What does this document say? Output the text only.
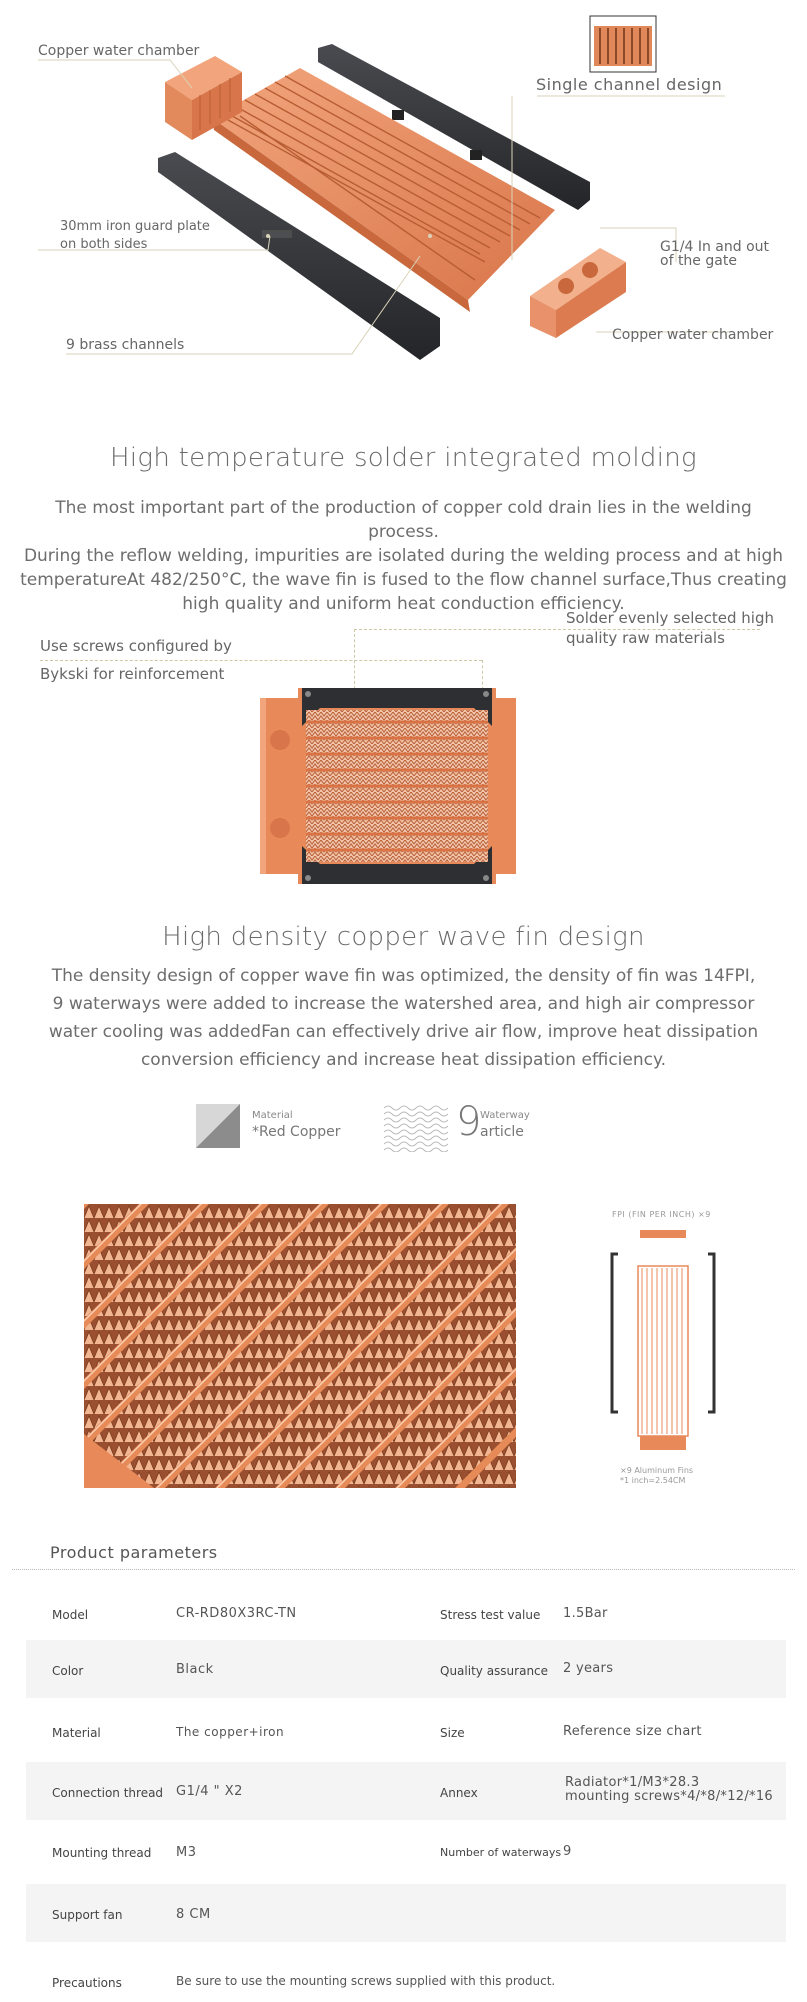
Copper water chamber
Single channel design
30mm iron guard plate
on both sides
9 brass channels
G1/4 In and out
of the gate
Copper water chamber
High temperature solder integrated molding
The most important part of the production of copper cold drain lies in the welding process.
During the reflow welding, impurities are isolated during the welding process and at high
temperatureAt 482/250°C, the wave fin is fused to the flow channel surface,Thus creating
high quality and uniform heat conduction efficiency.
Use screws configured by
Bykski for reinforcement
Solder evenly selected high
quality raw materials
High density copper wave fin design
The density design of copper wave fin was optimized, the density of fin was 14FPI,
9 waterways were added to increase the watershed area, and high air compressor
water cooling was addedFan can effectively drive air flow, improve heat dissipation
conversion efficiency and increase heat dissipation efficiency.
Material
*Red Copper	9
Waterway
article
FPI (FIN PER INCH) ×9
×9 Aluminum Fins
*1 inch=2.54CM
Product parameters
Model	CR-RD80X3RC-TN	Stress test value 1.5Bar
Color	Black	Quality assurance 2 years
Material	The copper+iron	Size	Reference size chart
Connection thread G1/4 " X2	Annex
Radiator*1/M3*28.3
mounting screws*4/*8/*12/*16
Mounting thread M3	Number of waterways 9
Support fan	8 CM
Precautions	Be sure to use the mounting screws supplied with this product.
